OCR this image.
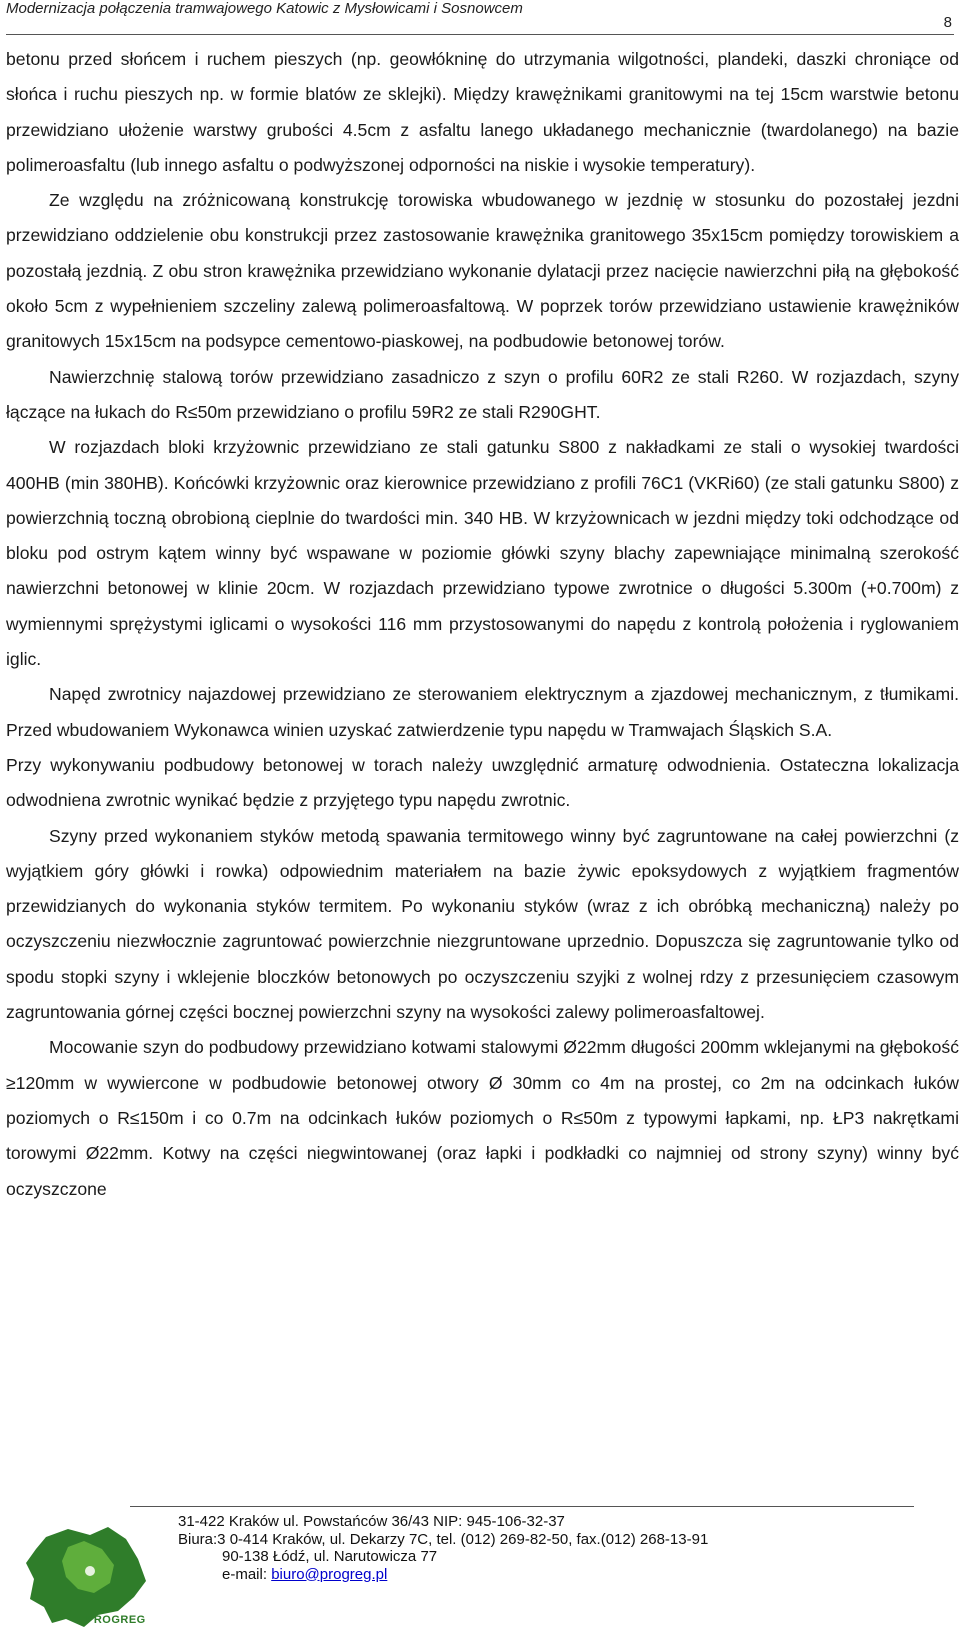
Modernizacja połączenia tramwajowego Katowic z Mysłowicami i Sosnowcem
8

betonu przed słońcem i ruchem pieszych (np. geowłókninę do utrzymania wilgotności, plandeki, daszki chroniące od słońca i ruchu pieszych np. w formie blatów ze sklejki). Między krawężnikami granitowymi na tej 15cm warstwie betonu przewidziano ułożenie warstwy grubości 4.5cm z asfaltu lanego układanego mechanicznie (twardolanego) na bazie polimeroasfaltu (lub innego asfaltu o podwyższonej odporności na niskie i wysokie temperatury).

Ze względu na zróżnicowaną konstrukcję torowiska wbudowanego w jezdnię w stosunku do pozostałej jezdni przewidziano oddzielenie obu konstrukcji przez zastosowanie krawężnika granitowego 35x15cm pomiędzy torowiskiem a pozostałą jezdnią. Z obu stron krawężnika przewidziano wykonanie dylatacji przez nacięcie nawierzchni piłą na głębokość około 5cm z wypełnieniem szczeliny zalewą polimeroasfaltową. W poprzek torów przewidziano ustawienie krawężników granitowych 15x15cm na podsypce cementowo-piaskowej, na podbudowie betonowej torów.

Nawierzchnię stalową torów przewidziano zasadniczo z szyn o profilu 60R2 ze stali R260. W rozjazdach, szyny łączące na łukach do R≤50m przewidziano o profilu 59R2 ze stali R290GHT.

W rozjazdach bloki krzyżownic przewidziano ze stali gatunku S800 z nakładkami ze stali o wysokiej twardości 400HB (min 380HB). Końcówki krzyżownic oraz kierownice przewidziano z profili 76C1 (VKRi60) (ze stali gatunku S800) z powierzchnią toczną obrobioną cieplnie do twardości min. 340 HB. W krzyżownicach w jezdni między toki odchodzące od bloku pod ostrym kątem winny być wspawane w poziomie główki szyny blachy zapewniające minimalną szerokość nawierzchni betonowej w klinie 20cm. W rozjazdach przewidziano typowe zwrotnice o długości 5.300m (+0.700m) z wymiennymi sprężystymi iglicami o wysokości 116 mm przystosowanymi do napędu z kontrolą położenia i ryglowaniem iglic.

Napęd zwrotnicy najazdowej przewidziano ze sterowaniem elektrycznym a zjazdowej mechanicznym, z tłumikami. Przed wbudowaniem Wykonawca winien uzyskać zatwierdzenie typu napędu w Tramwajach Śląskich S.A.

Przy wykonywaniu podbudowy betonowej w torach należy uwzględnić armaturę odwodnienia. Ostateczna lokalizacja odwodniena zwrotnic wynikać będzie z przyjętego typu napędu zwrotnic.

Szyny przed wykonaniem styków metodą spawania termitowego winny być zagruntowane na całej powierzchni (z wyjątkiem góry główki i rowka) odpowiednim materiałem na bazie żywic epoksydowych z wyjątkiem fragmentów przewidzianych do wykonania styków termitem. Po wykonaniu styków (wraz z ich obróbką mechaniczną) należy po oczyszczeniu niezwłocznie zagruntować powierzchnie niezgruntowane uprzednio. Dopuszcza się zagruntowanie tylko od spodu stopki szyny i wklejenie bloczków betonowych po oczyszczeniu szyjki z wolnej rdzy z przesunięciem czasowym zagruntowania górnej części bocznej powierzchni szyny na wysokości zalewy polimeroasfaltowej.

Mocowanie szyn do podbudowy przewidziano kotwami stalowymi Ø22mm długości 200mm wklejanymi na głębokość ≥120mm w wywiercone w podbudowie betonowej otwory Ø 30mm co 4m na prostej, co 2m na odcinkach łuków poziomych o R≤150m i co 0.7m na odcinkach łuków poziomych o R≤50m z typowymi łapkami, np. ŁP3 nakrętkami torowymi Ø22mm. Kotwy na części niegwintowanej (oraz łapki i podkładki co najmniej od strony szyny) winny być oczyszczone

PROGREG
31-422 Kraków ul. Powstańców 36/43 NIP: 945-106-32-37
Biura:3 0-414 Kraków, ul. Dekarzy 7C, tel. (012) 269-82-50, fax.(012) 268-13-91
90-138 Łódź, ul. Narutowicza 77
e-mail: biuro@progreg.pl
